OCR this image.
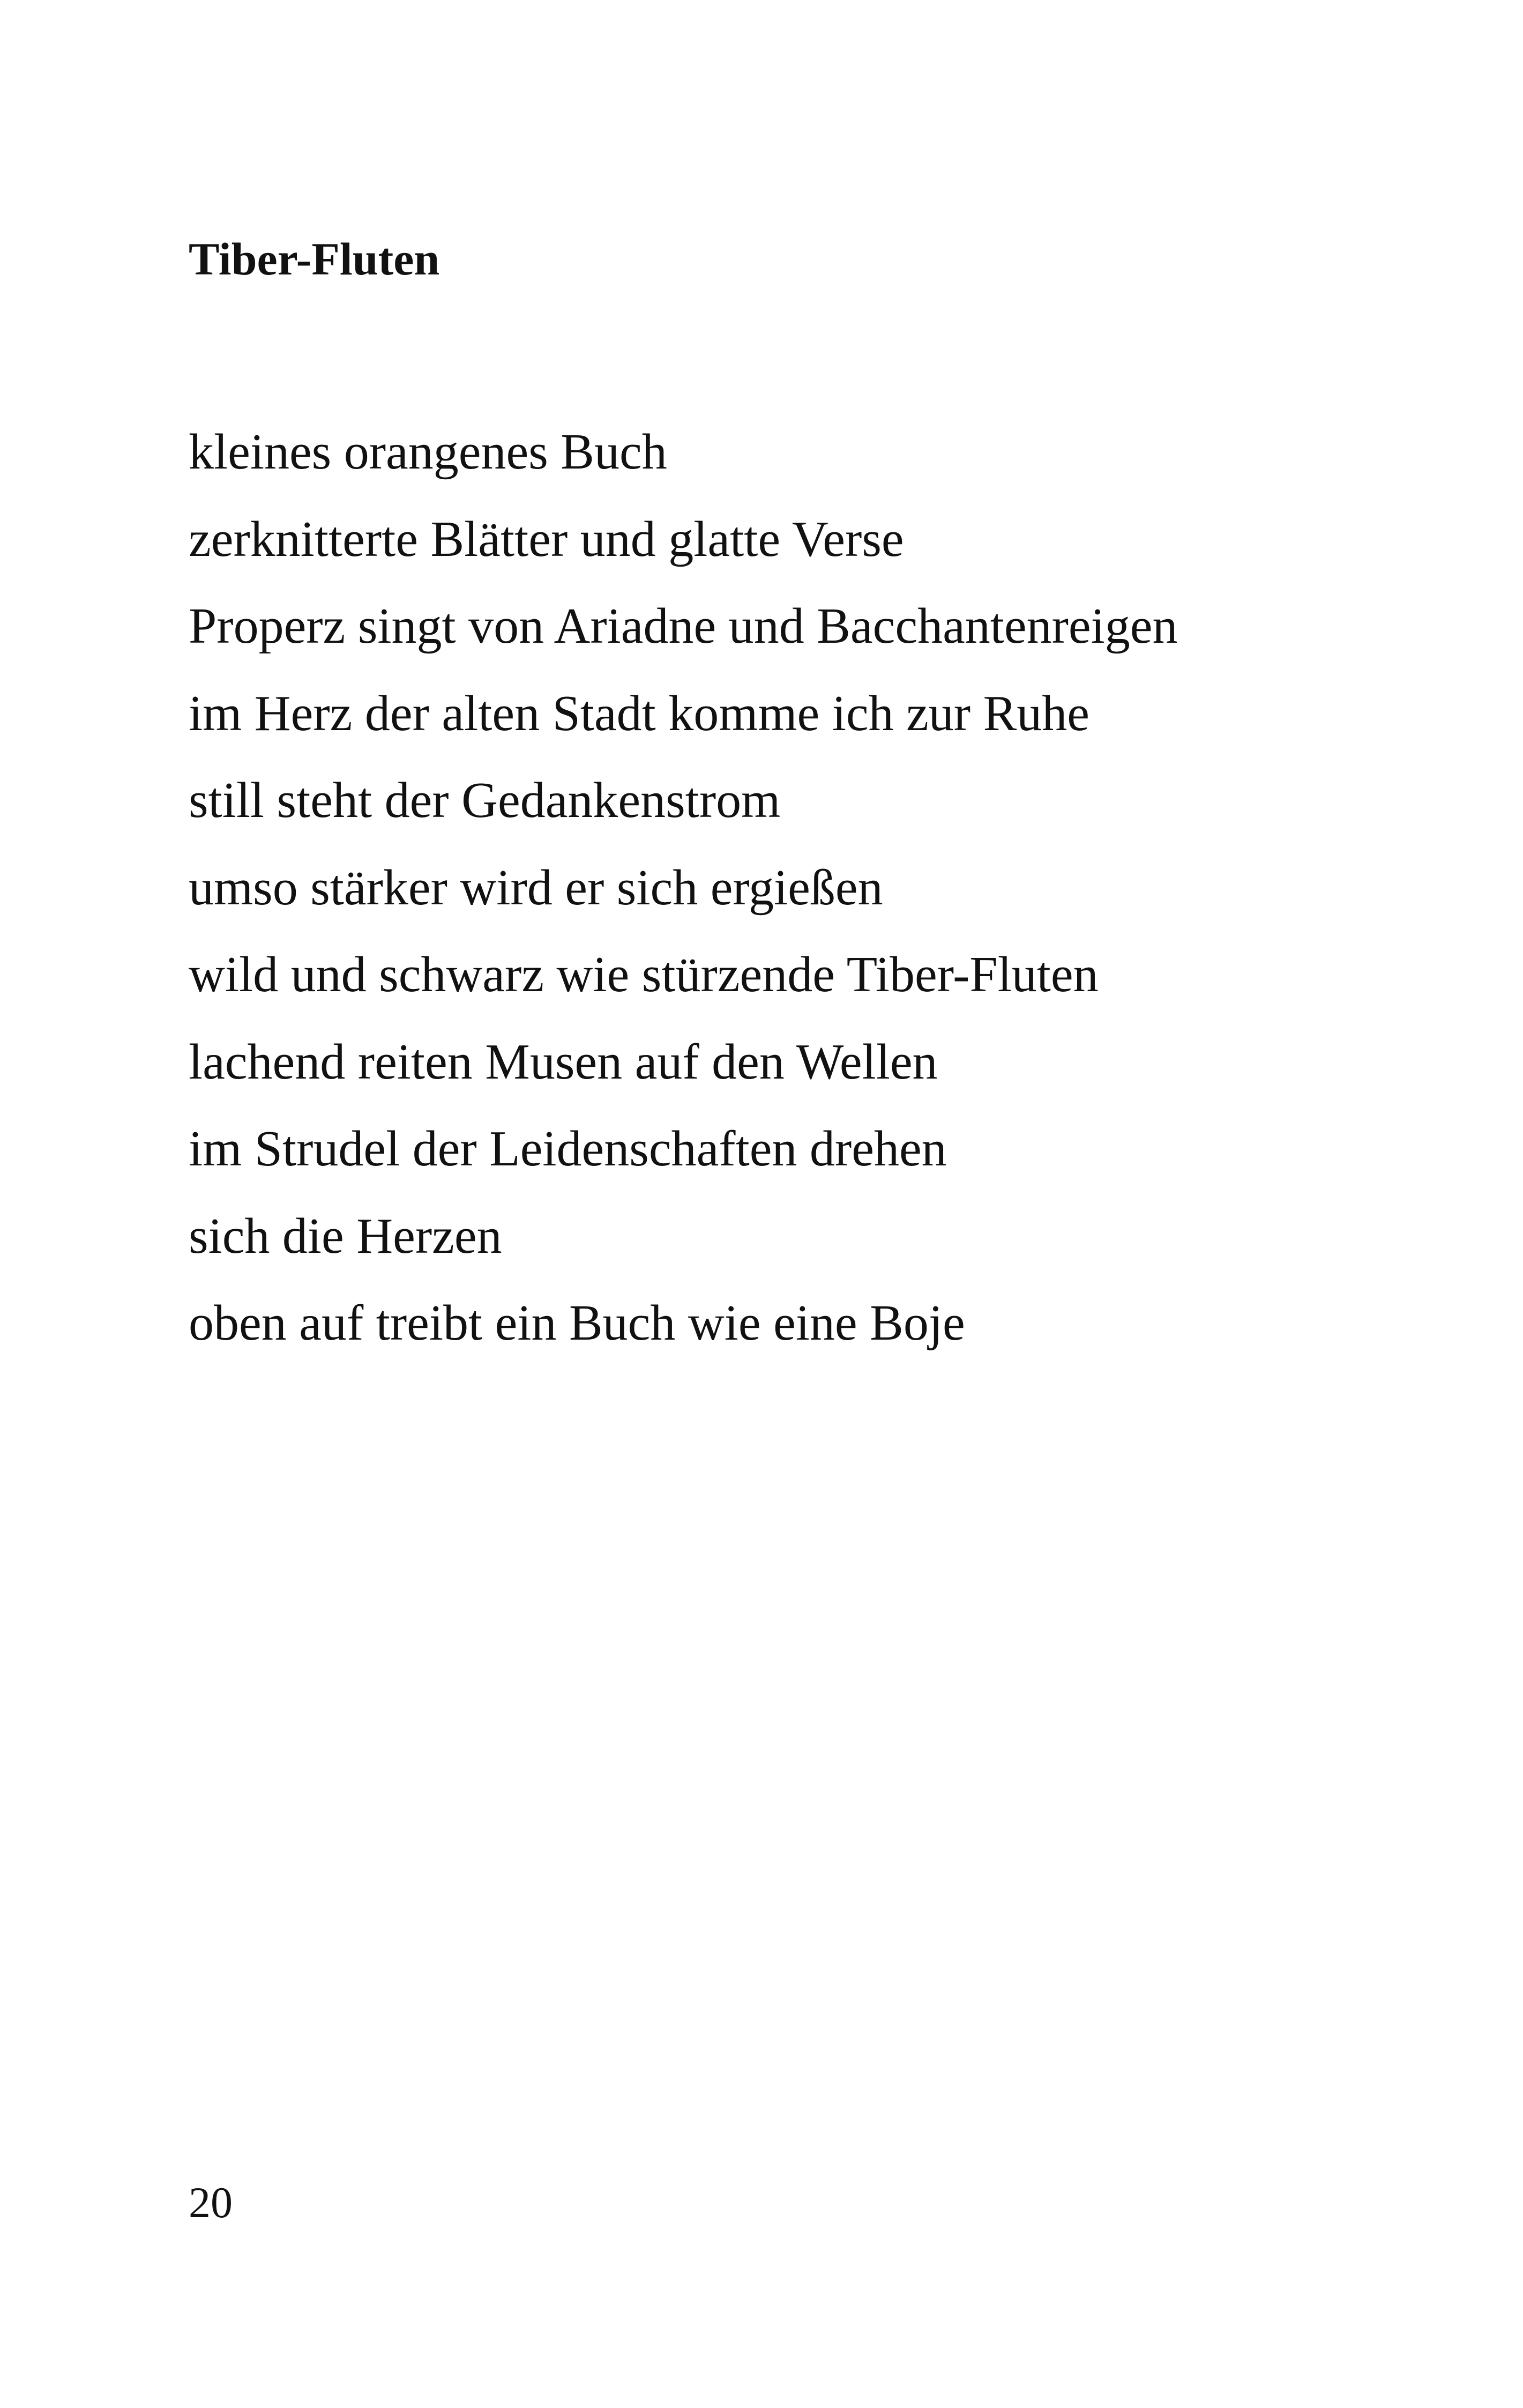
Tiber-Fluten
kleines orangenes Buch
zerknitterte Blätter und glatte Verse
Properz singt von Ariadne und Bacchantenreigen
im Herz der alten Stadt komme ich zur Ruhe
still steht der Gedankenstrom
umso stärker wird er sich ergießen
wild und schwarz wie stürzende Tiber-Fluten
lachend reiten Musen auf den Wellen
im Strudel der Leidenschaften drehen
sich die Herzen
oben auf treibt ein Buch wie eine Boje
20
